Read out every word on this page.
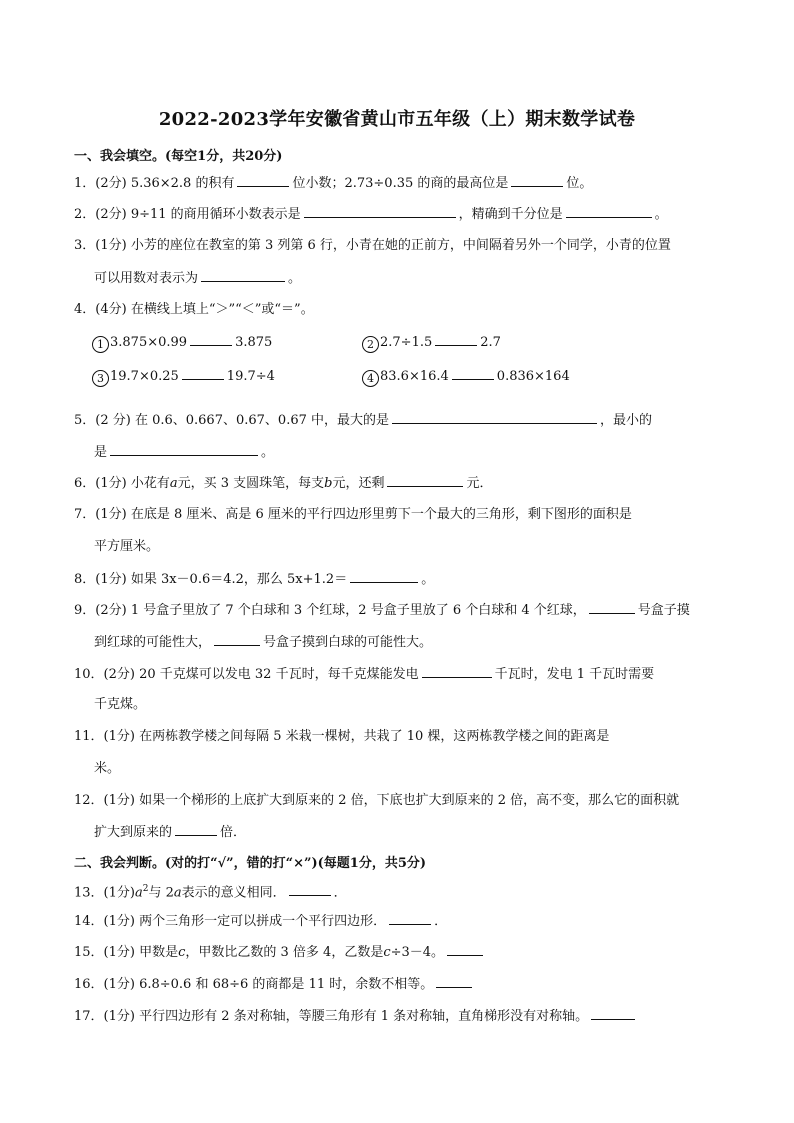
2022-2023学年安徽省黄山市五年级（上）期末数学试卷
一、我会填空。(每空1分，共20分)
1．(2分) 5.36×2.8 的积有	位小数；2.73÷0.35 的商的最高位是	位。
2．(2分) 9÷11 的商用循环小数表示是	，精确到千分位是	。
3．(1分) 小芳的座位在教室的第 3 列第 6 行，小青在她的正前方，中间隔着另外一个同学，小青的位置
可以用数对表示为	。
4．(4分) 在横线上填上“＞”“＜”或“＝”。
1 3.875×0.99	3.875	2 2.7÷1.5	2.7
3 19.7×0.25	19.7÷4	4 83.6×16.4	0.836×164
5．(2 分) 在 0.6、0.667、0.67、0.67 中，最大的是	，最小的
是	。
6．(1分) 小花有a元，买 3 支圆珠笔，每支b元，还剩	元．
7．(1分) 在底是 8 厘米、高是 6 厘米的平行四边形里剪下一个最大的三角形，剩下图形的面积是
平方厘米。
8．(1分) 如果 3x－0.6＝4.2，那么 5x+1.2＝	。
9．(2分) 1 号盒子里放了 7 个白球和 3 个红球，2 号盒子里放了 6 个白球和 4 个红球，	号盒子摸
到红球的可能性大，	号盒子摸到白球的可能性大。
10．(2分) 20 千克煤可以发电 32 千瓦时，每千克煤能发电	千瓦时，发电 1 千瓦时需要
千克煤。
11．(1分) 在两栋教学楼之间每隔 5 米栽一棵树，共栽了 10 棵，这两栋教学楼之间的距离是
米。
12．(1分) 如果一个梯形的上底扩大到原来的 2 倍，下底也扩大到原来的 2 倍，高不变，那么它的面积就
扩大到原来的	倍．
二、我会判断。(对的打“√”，错的打“×”)(每题1分，共5分)
13．(1分)$a^2$与 2a表示的意义相同．	．
14．(1分) 两个三角形一定可以拼成一个平行四边形．	．
15．(1分) 甲数是c，甲数比乙数的 3 倍多 4，乙数是c÷3－4。
16．(1分) 6.8÷0.6 和 68÷6 的商都是 11 时，余数不相等。
17．(1分) 平行四边形有 2 条对称轴，等腰三角形有 1 条对称轴，直角梯形没有对称轴。
